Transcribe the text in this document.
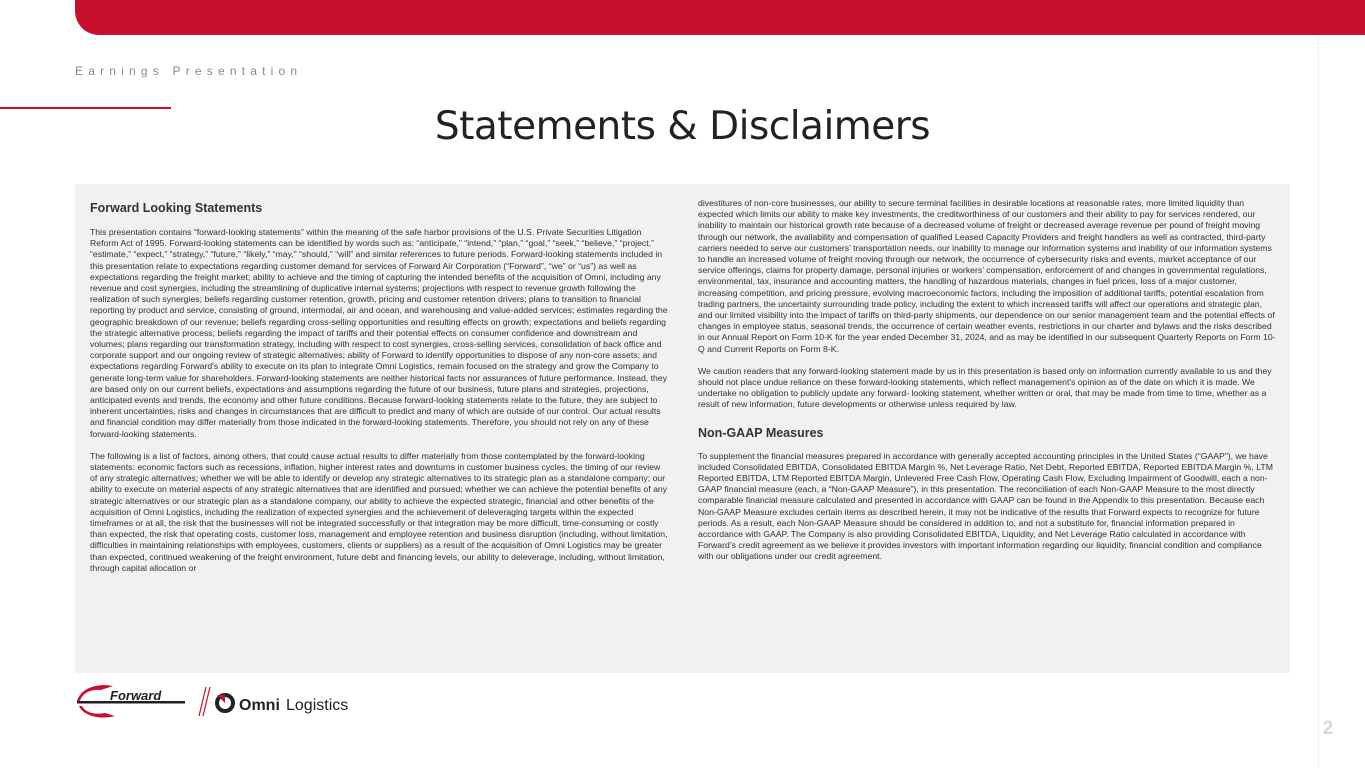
Earnings Presentation
Statements & Disclaimers
Forward Looking Statements

This presentation contains “forward-looking statements” within the meaning of the safe harbor provisions of the U.S. Private Securities Litigation Reform Act of 1995. Forward-looking statements can be identified by words such as: “anticipate,” “intend,” “plan,” “goal,” “seek,” “believe,” “project,” “estimate,” “expect,” “strategy,” “future,” “likely,” “may,” “should,” “will” and similar references to future periods. Forward-looking statements included in this presentation relate to expectations regarding customer demand for services of Forward Air Corporation (“Forward”, “we” or “us”) as well as expectations regarding the freight market; ability to achieve and the timing of capturing the intended benefits of the acquisition of Omni, including any revenue and cost synergies, including the streamlining of duplicative internal systems; projections with respect to revenue growth following the realization of such synergies; beliefs regarding customer retention, growth, pricing and customer retention drivers; plans to transition to financial reporting by product and service, consisting of ground, intermodal, air and ocean, and warehousing and value-added services; estimates regarding the geographic breakdown of our revenue; beliefs regarding cross-selling opportunities and resulting effects on growth; expectations and beliefs regarding the strategic alternative process; beliefs regarding the impact of tariffs and their potential effects on consumer confidence and downstream and volumes; plans regarding our transformation strategy, including with respect to cost synergies, cross-selling services, consolidation of back office and corporate support and our ongoing review of strategic alternatives; ability of Forward to identify opportunities to dispose of any non-core assets; and expectations regarding Forward's ability to execute on its plan to integrate Omni Logistics, remain focused on the strategy and grow the Company to generate long-term value for shareholders. Forward-looking statements are neither historical facts nor assurances of future performance. Instead, they are based only on our current beliefs, expectations and assumptions regarding the future of our business, future plans and strategies, projections, anticipated events and trends, the economy and other future conditions. Because forward-looking statements relate to the future, they are subject to inherent uncertainties, risks and changes in circumstances that are difficult to predict and many of which are outside of our control. Our actual results and financial condition may differ materially from those indicated in the forward-looking statements. Therefore, you should not rely on any of these forward-looking statements.

The following is a list of factors, among others, that could cause actual results to differ materially from those contemplated by the forward-looking statements: economic factors such as recessions, inflation, higher interest rates and downturns in customer business cycles, the timing of our review of any strategic alternatives; whether we will be able to identify or develop any strategic alternatives to its strategic plan as a standalone company; our ability to execute on material aspects of any strategic alternatives that are identified and pursued; whether we can achieve the potential benefits of any strategic alternatives or our strategic plan as a standalone company, our ability to achieve the expected strategic, financial and other benefits of the acquisition of Omni Logistics, including the realization of expected synergies and the achievement of deleveraging targets within the expected timeframes or at all, the risk that the businesses will not be integrated successfully or that integration may be more difficult, time-consuming or costly than expected, the risk that operating costs, customer loss, management and employee retention and business disruption (including, without limitation, difficulties in maintaining relationships with employees, customers, clients or suppliers) as a result of the acquisition of Omni Logistics may be greater than expected, continued weakening of the freight environment, future debt and financing levels, our ability to deleverage, including, without limitation, through capital allocation or

divestitures of non-core businesses, our ability to secure terminal facilities in desirable locations at reasonable rates, more limited liquidity than expected which limits our ability to make key investments, the creditworthiness of our customers and their ability to pay for services rendered, our inability to maintain our historical growth rate because of a decreased volume of freight or decreased average revenue per pound of freight moving through our network, the availability and compensation of qualified Leased Capacity Providers and freight handlers as well as contracted, third-party carriers needed to serve our customers’ transportation needs, our inability to manage our information systems and inability of our information systems to handle an increased volume of freight moving through our network, the occurrence of cybersecurity risks and events, market acceptance of our service offerings, claims for property damage, personal injuries or workers’ compensation, enforcement of and changes in governmental regulations, environmental, tax, insurance and accounting matters, the handling of hazardous materials, changes in fuel prices, loss of a major customer, increasing competition, and pricing pressure, evolving macroeconomic factors, including the imposition of additional tariffs, potential escalation from trading partners, the uncertainty surrounding trade policy, including the extent to which increased tariffs will affect our operations and strategic plan, and our limited visibility into the impact of tariffs on third-party shipments, our dependence on our senior management team and the potential effects of changes in employee status, seasonal trends, the occurrence of certain weather events, restrictions in our charter and bylaws and the risks described in our Annual Report on Form 10-K for the year ended December 31, 2024, and as may be identified in our subsequent Quarterly Reports on Form 10-Q and Current Reports on Form 8-K.

We caution readers that any forward-looking statement made by us in this presentation is based only on information currently available to us and they should not place undue reliance on these forward-looking statements, which reflect management's opinion as of the date on which it is made. We undertake no obligation to publicly update any forward- looking statement, whether written or oral, that may be made from time to time, whether as a result of new information, future developments or otherwise unless required by law.

Non-GAAP Measures

To supplement the financial measures prepared in accordance with generally accepted accounting principles in the United States (“GAAP”), we have included Consolidated EBITDA, Consolidated EBITDA Margin %, Net Leverage Ratio, Net Debt, Reported EBITDA, Reported EBITDA Margin %, LTM Reported EBITDA, LTM Reported EBITDA Margin, Unlevered Free Cash Flow, Operating Cash Flow, Excluding Impairment of Goodwill, each a non-GAAP financial measure (each, a “Non-GAAP Measure”), in this presentation. The reconciliation of each Non-GAAP Measure to the most directly comparable financial measure calculated and presented in accordance with GAAP can be found in the Appendix to this presentation. Because each Non-GAAP Measure excludes certain items as described herein, it may not be indicative of the results that Forward expects to recognize for future periods. As a result, each Non-GAAP Measure should be considered in addition to, and not a substitute for, financial information prepared in accordance with GAAP. The Company is also providing Consolidated EBITDA, Liquidity, and Net Leverage Ratio calculated in accordance with Forward’s credit agreement as we believe it provides investors with important information regarding our liquidity, financial condition and compliance with our obligations under our credit agreement.

Forward
Omni Logistics
2
